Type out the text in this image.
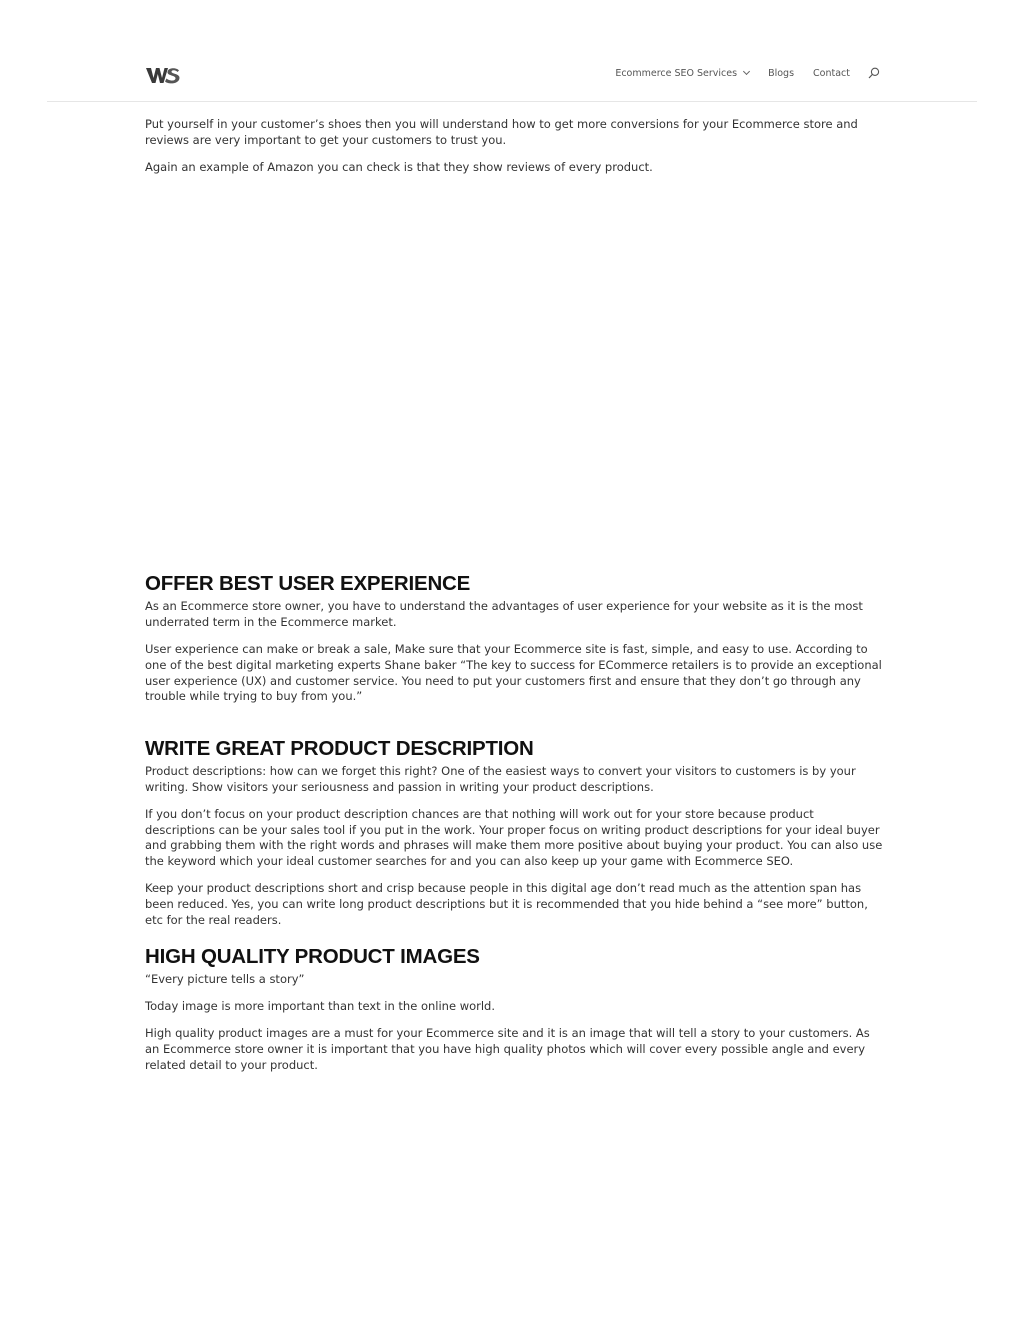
Ecommerce SEO Services	Blogs Contact

Put yourself in your customer’s shoes then you will understand how to get more conversions for your Ecommerce store and reviews are very important to get your customers to trust you.

Again an example of Amazon you can check is that they show reviews of every product.

OFFER BEST USER EXPERIENCE

As an Ecommerce store owner, you have to understand the advantages of user experience for your website as it is the most underrated term in the Ecommerce market.

User experience can make or break a sale, Make sure that your Ecommerce site is fast, simple, and easy to use. According to one of the best digital marketing experts Shane baker “The key to success for ECommerce retailers is to provide an exceptional user experience (UX) and customer service. You need to put your customers first and ensure that they don’t go through any trouble while trying to buy from you.”

WRITE GREAT PRODUCT DESCRIPTION

Product descriptions: how can we forget this right? One of the easiest ways to convert your visitors to customers is by your writing. Show visitors your seriousness and passion in writing your product descriptions.

If you don’t focus on your product description chances are that nothing will work out for your store because product descriptions can be your sales tool if you put in the work. Your proper focus on writing product descriptions for your ideal buyer and grabbing them with the right words and phrases will make them more positive about buying your product. You can also use the keyword which your ideal customer searches for and you can also keep up your game with Ecommerce SEO.

Keep your product descriptions short and crisp because people in this digital age don’t read much as the attention span has been reduced. Yes, you can write long product descriptions but it is recommended that you hide behind a “see more” button, etc for the real readers.

HIGH QUALITY PRODUCT IMAGES

“Every picture tells a story”

Today image is more important than text in the online world.

High quality product images are a must for your Ecommerce site and it is an image that will tell a story to your customers. As an Ecommerce store owner it is important that you have high quality photos which will cover every possible angle and every related detail to your product.
